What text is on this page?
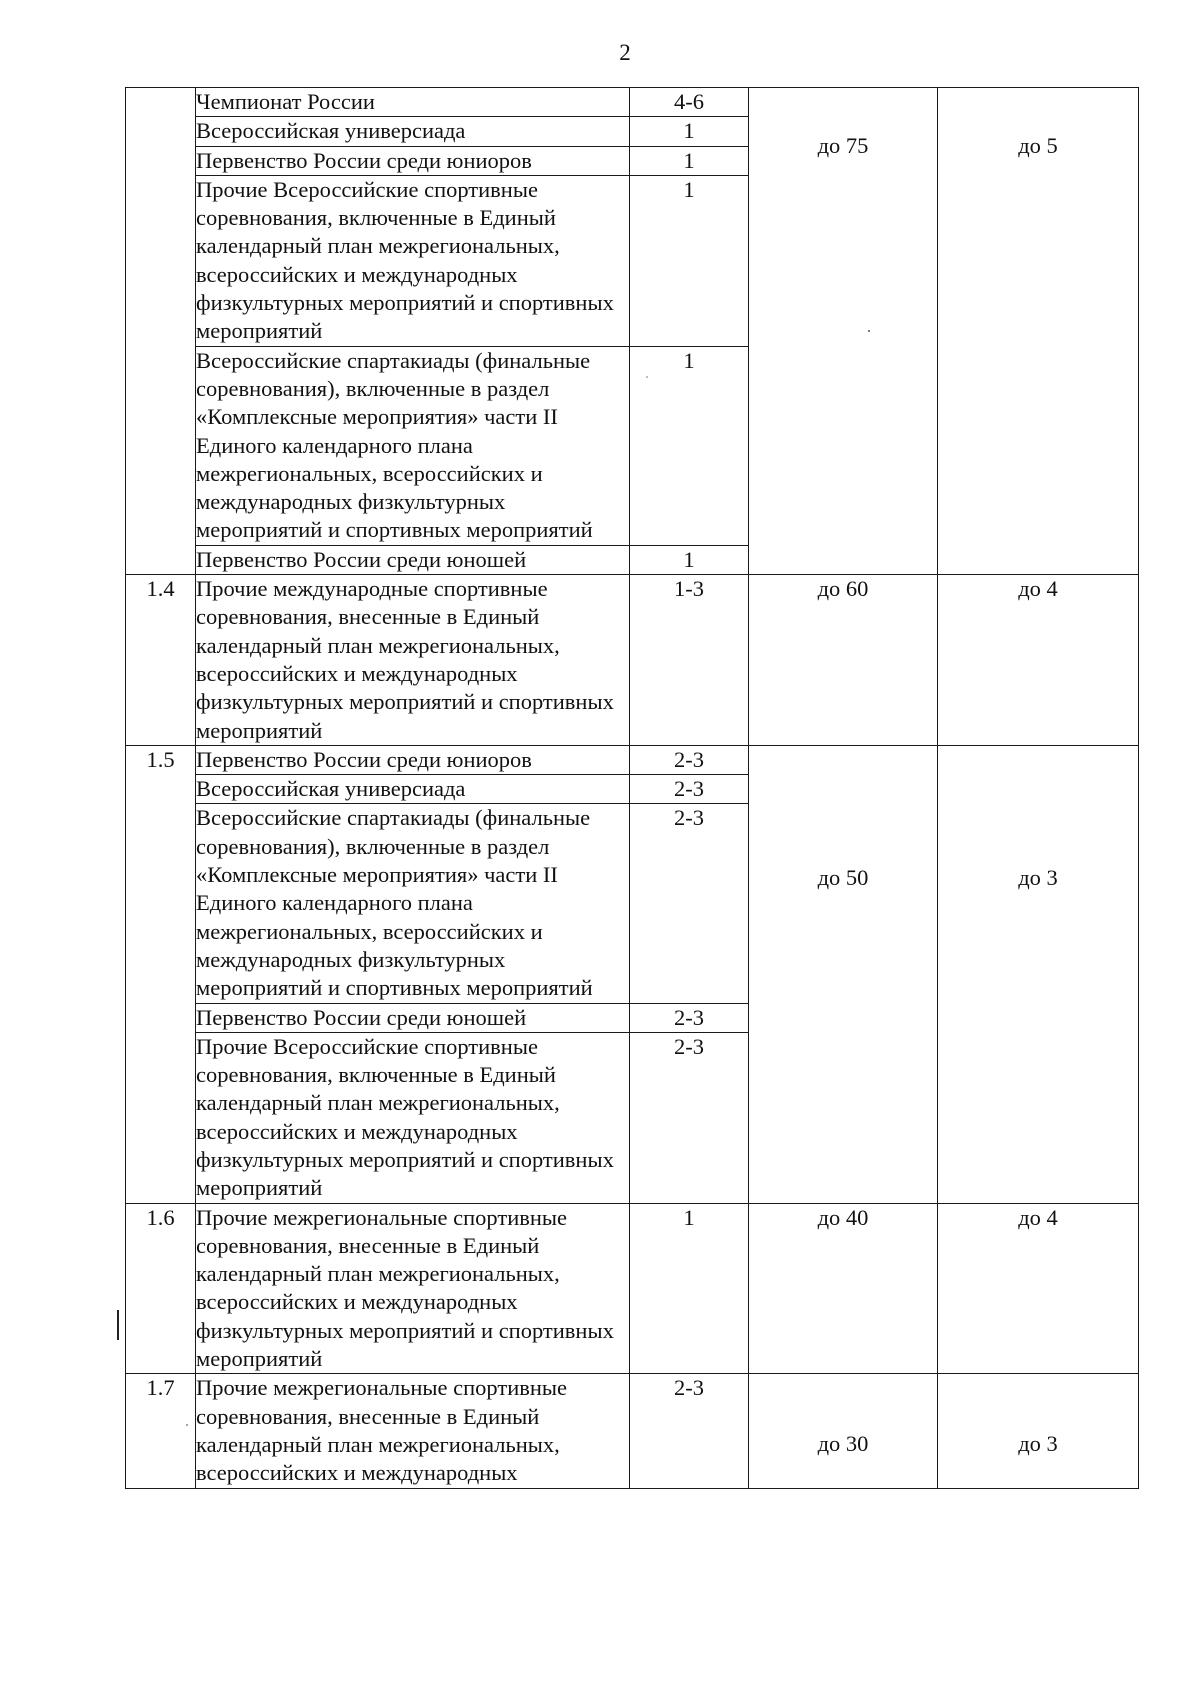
2
	Чемпионат России	4-6	до 75	до 5
	Всероссийская универсиада	1		
	Первенство России среди юниоров	1		
	Прочие Всероссийские спортивные соревнования, включенные в Единый календарный план межрегиональных, всероссийских и международных физкультурных мероприятий и спортивных мероприятий	1		
	Всероссийские спартакиады (финальные соревнования), включенные в раздел «Комплексные мероприятия» части II Единого календарного плана межрегиональных, всероссийских и международных физкультурных мероприятий и спортивных мероприятий	1		
	Первенство России среди юношей	1		
1.4	Прочие международные спортивные соревнования, внесенные в Единый календарный план межрегиональных, всероссийских и международных физкультурных мероприятий и спортивных мероприятий	1-3	до 60	до 4
1.5	Первенство России среди юниоров	2-3	до 50	до 3
	Всероссийская универсиада	2-3		
	Всероссийские спартакиады (финальные соревнования), включенные в раздел «Комплексные мероприятия» части II Единого календарного плана межрегиональных, всероссийских и международных физкультурных мероприятий и спортивных мероприятий	2-3		
	Первенство России среди юношей	2-3		
	Прочие Всероссийские спортивные соревнования, включенные в Единый календарный план межрегиональных, всероссийских и международных физкультурных мероприятий и спортивных мероприятий	2-3		
1.6	Прочие межрегиональные спортивные соревнования, внесенные в Единый календарный план межрегиональных, всероссийских и международных физкультурных мероприятий и спортивных мероприятий	1	до 40	до 4
1.7	Прочие межрегиональные спортивные соревнования, внесенные в Единый календарный план межрегиональных, всероссийских и международных	2-3	до 30	до 3
